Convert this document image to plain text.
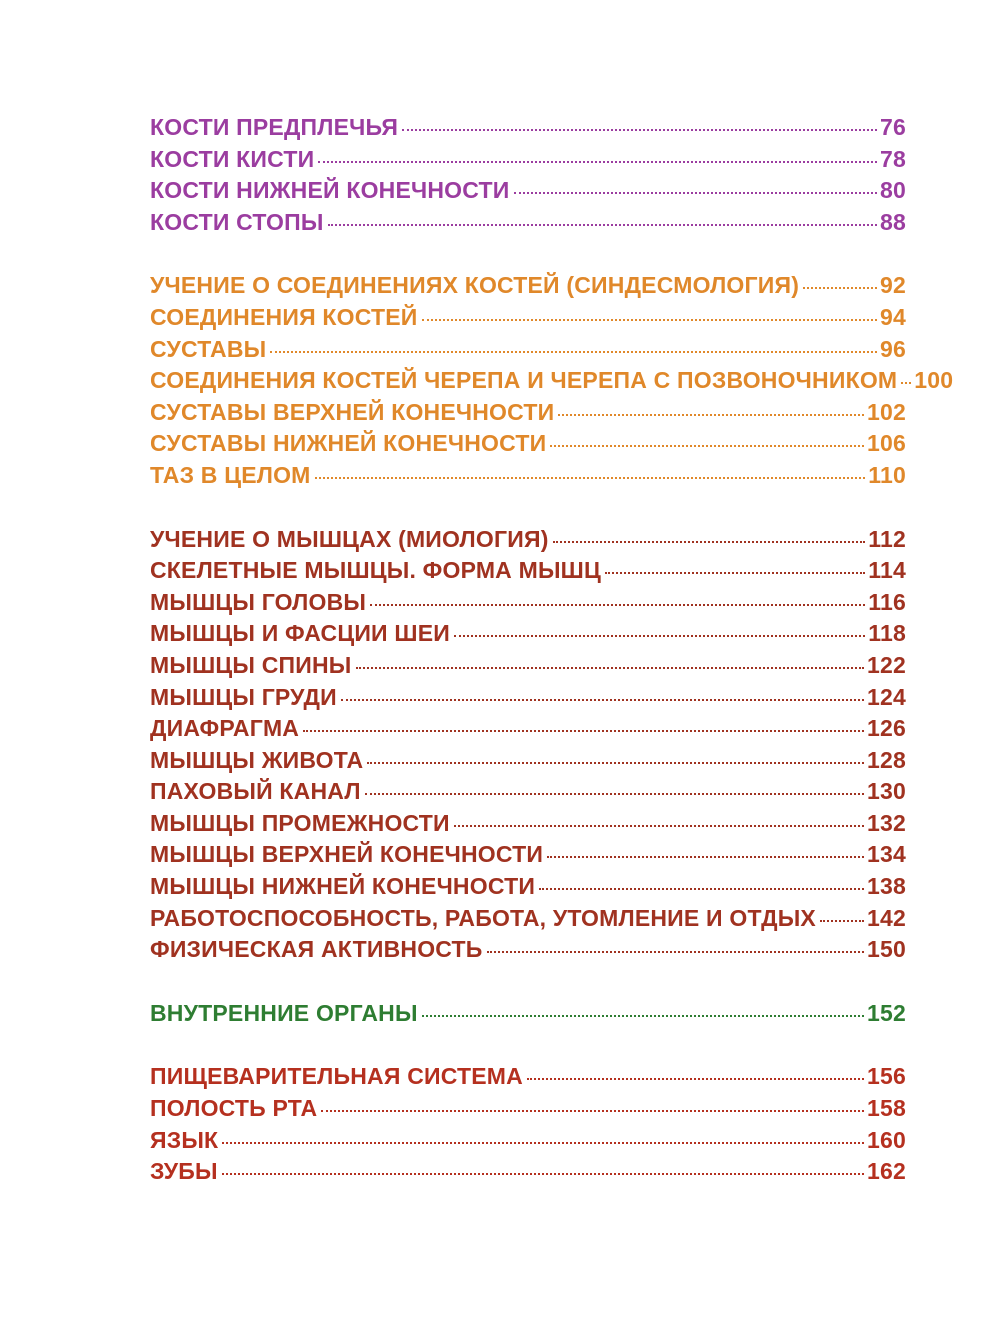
КОСТИ ПРЕДПЛЕЧЬЯ	76
КОСТИ КИСТИ	78
КОСТИ НИЖНЕЙ КОНЕЧНОСТИ	80
КОСТИ СТОПЫ	88
УЧЕНИЕ О СОЕДИНЕНИЯХ КОСТЕЙ (СИНДЕСМОЛОГИЯ)	92
СОЕДИНЕНИЯ КОСТЕЙ	94
СУСТАВЫ	96
СОЕДИНЕНИЯ КОСТЕЙ ЧЕРЕПА И ЧЕРЕПА С ПОЗВОНОЧНИКОМ 100
СУСТАВЫ ВЕРХНЕЙ КОНЕЧНОСТИ	102
СУСТАВЫ НИЖНЕЙ КОНЕЧНОСТИ	106
ТАЗ В ЦЕЛОМ	110
УЧЕНИЕ О МЫШЦАХ (МИОЛОГИЯ)	112
СКЕЛЕТНЫЕ МЫШЦЫ. ФОРМА МЫШЦ	114
МЫШЦЫ ГОЛОВЫ	116
МЫШЦЫ И ФАСЦИИ ШЕИ	118
МЫШЦЫ СПИНЫ	122
МЫШЦЫ ГРУДИ	124
ДИАФРАГМА	126
МЫШЦЫ ЖИВОТА	128
ПАХОВЫЙ КАНАЛ	130
МЫШЦЫ ПРОМЕЖНОСТИ	132
МЫШЦЫ ВЕРХНЕЙ КОНЕЧНОСТИ	134
МЫШЦЫ НИЖНЕЙ КОНЕЧНОСТИ	138
РАБОТОСПОСОБНОСТЬ, РАБОТА, УТОМЛЕНИЕ И ОТДЫХ 142
ФИЗИЧЕСКАЯ АКТИВНОСТЬ	150
ВНУТРЕННИЕ ОРГАНЫ	152
ПИЩЕВАРИТЕЛЬНАЯ СИСТЕМА	156
ПОЛОСТЬ РТА	158
ЯЗЫК	160
ЗУБЫ	162
